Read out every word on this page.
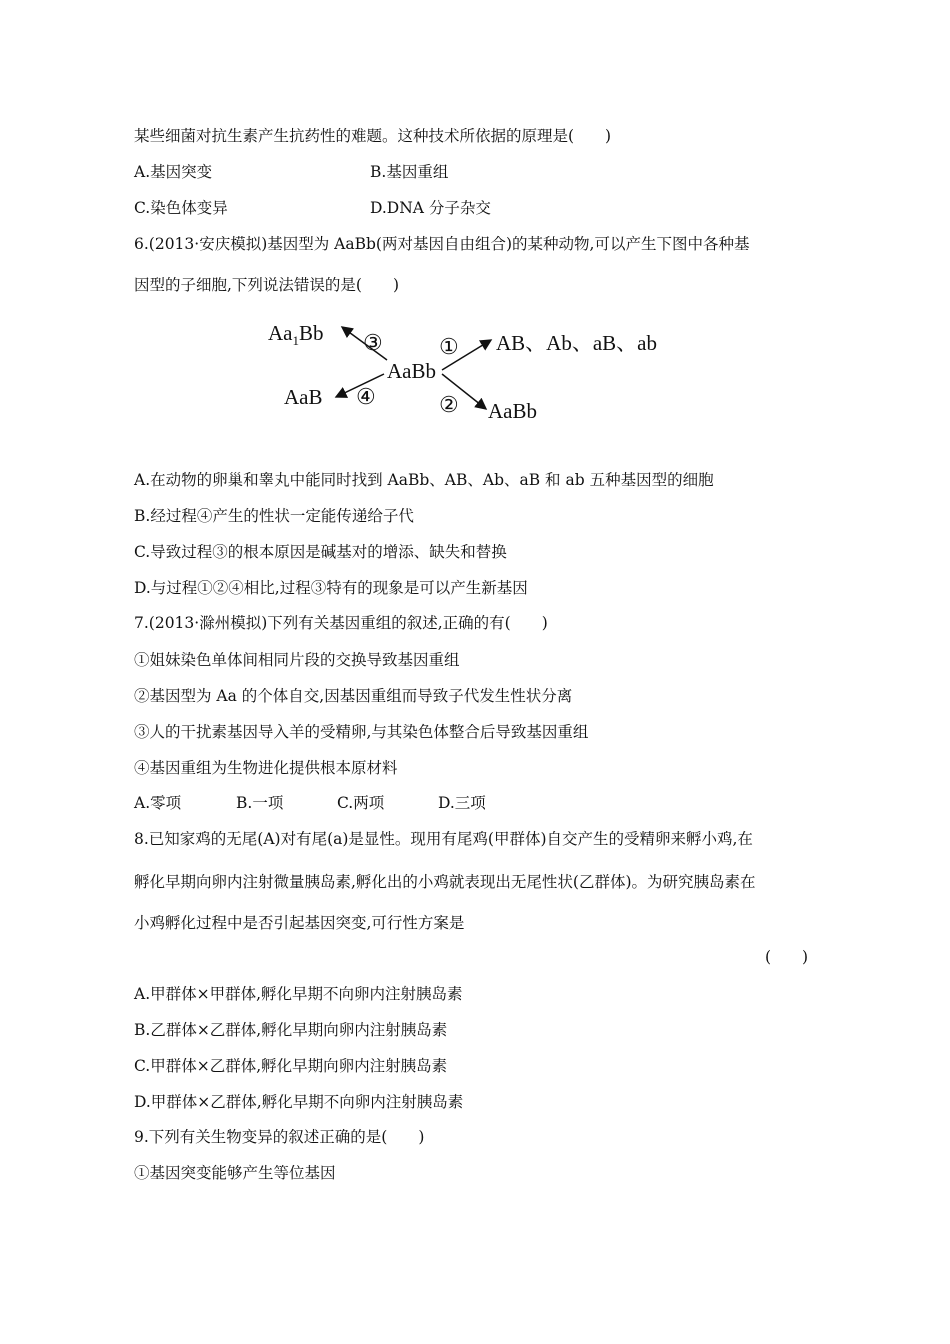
某些细菌对抗生素产生抗药性的难题。这种技术所依据的原理是(　　)
A.基因突变	B.基因重组
C.染色体变异	D.DNA 分子杂交
6.(2013·安庆模拟)基因型为 AaBb(两对基因自由组合)的某种动物,可以产生下图中各种基
因型的子细胞,下列说法错误的是(　　)
$Aa_1Bb$
AaBb
AB、Ab、aB、ab
AaB
AaBb
③	①
④	②
A.在动物的卵巢和睾丸中能同时找到 AaBb、AB、Ab、aB 和 ab 五种基因型的细胞
B.经过程④产生的性状一定能传递给子代
C.导致过程③的根本原因是碱基对的增添、缺失和替换
D.与过程①②④相比,过程③特有的现象是可以产生新基因
7.(2013·滁州模拟)下列有关基因重组的叙述,正确的有(　　)
①姐妹染色单体间相同片段的交换导致基因重组
②基因型为 Aa 的个体自交,因基因重组而导致子代发生性状分离
③人的干扰素基因导入羊的受精卵,与其染色体整合后导致基因重组
④基因重组为生物进化提供根本原材料
A.零项	B.一项	C.两项	D.三项
8.已知家鸡的无尾(A)对有尾(a)是显性。现用有尾鸡(甲群体)自交产生的受精卵来孵小鸡,在
孵化早期向卵内注射微量胰岛素,孵化出的小鸡就表现出无尾性状(乙群体)。为研究胰岛素在
小鸡孵化过程中是否引起基因突变,可行性方案是
(　　)
A.甲群体×甲群体,孵化早期不向卵内注射胰岛素
B.乙群体×乙群体,孵化早期向卵内注射胰岛素
C.甲群体×乙群体,孵化早期向卵内注射胰岛素
D.甲群体×乙群体,孵化早期不向卵内注射胰岛素
9.下列有关生物变异的叙述正确的是(　　)
①基因突变能够产生等位基因
